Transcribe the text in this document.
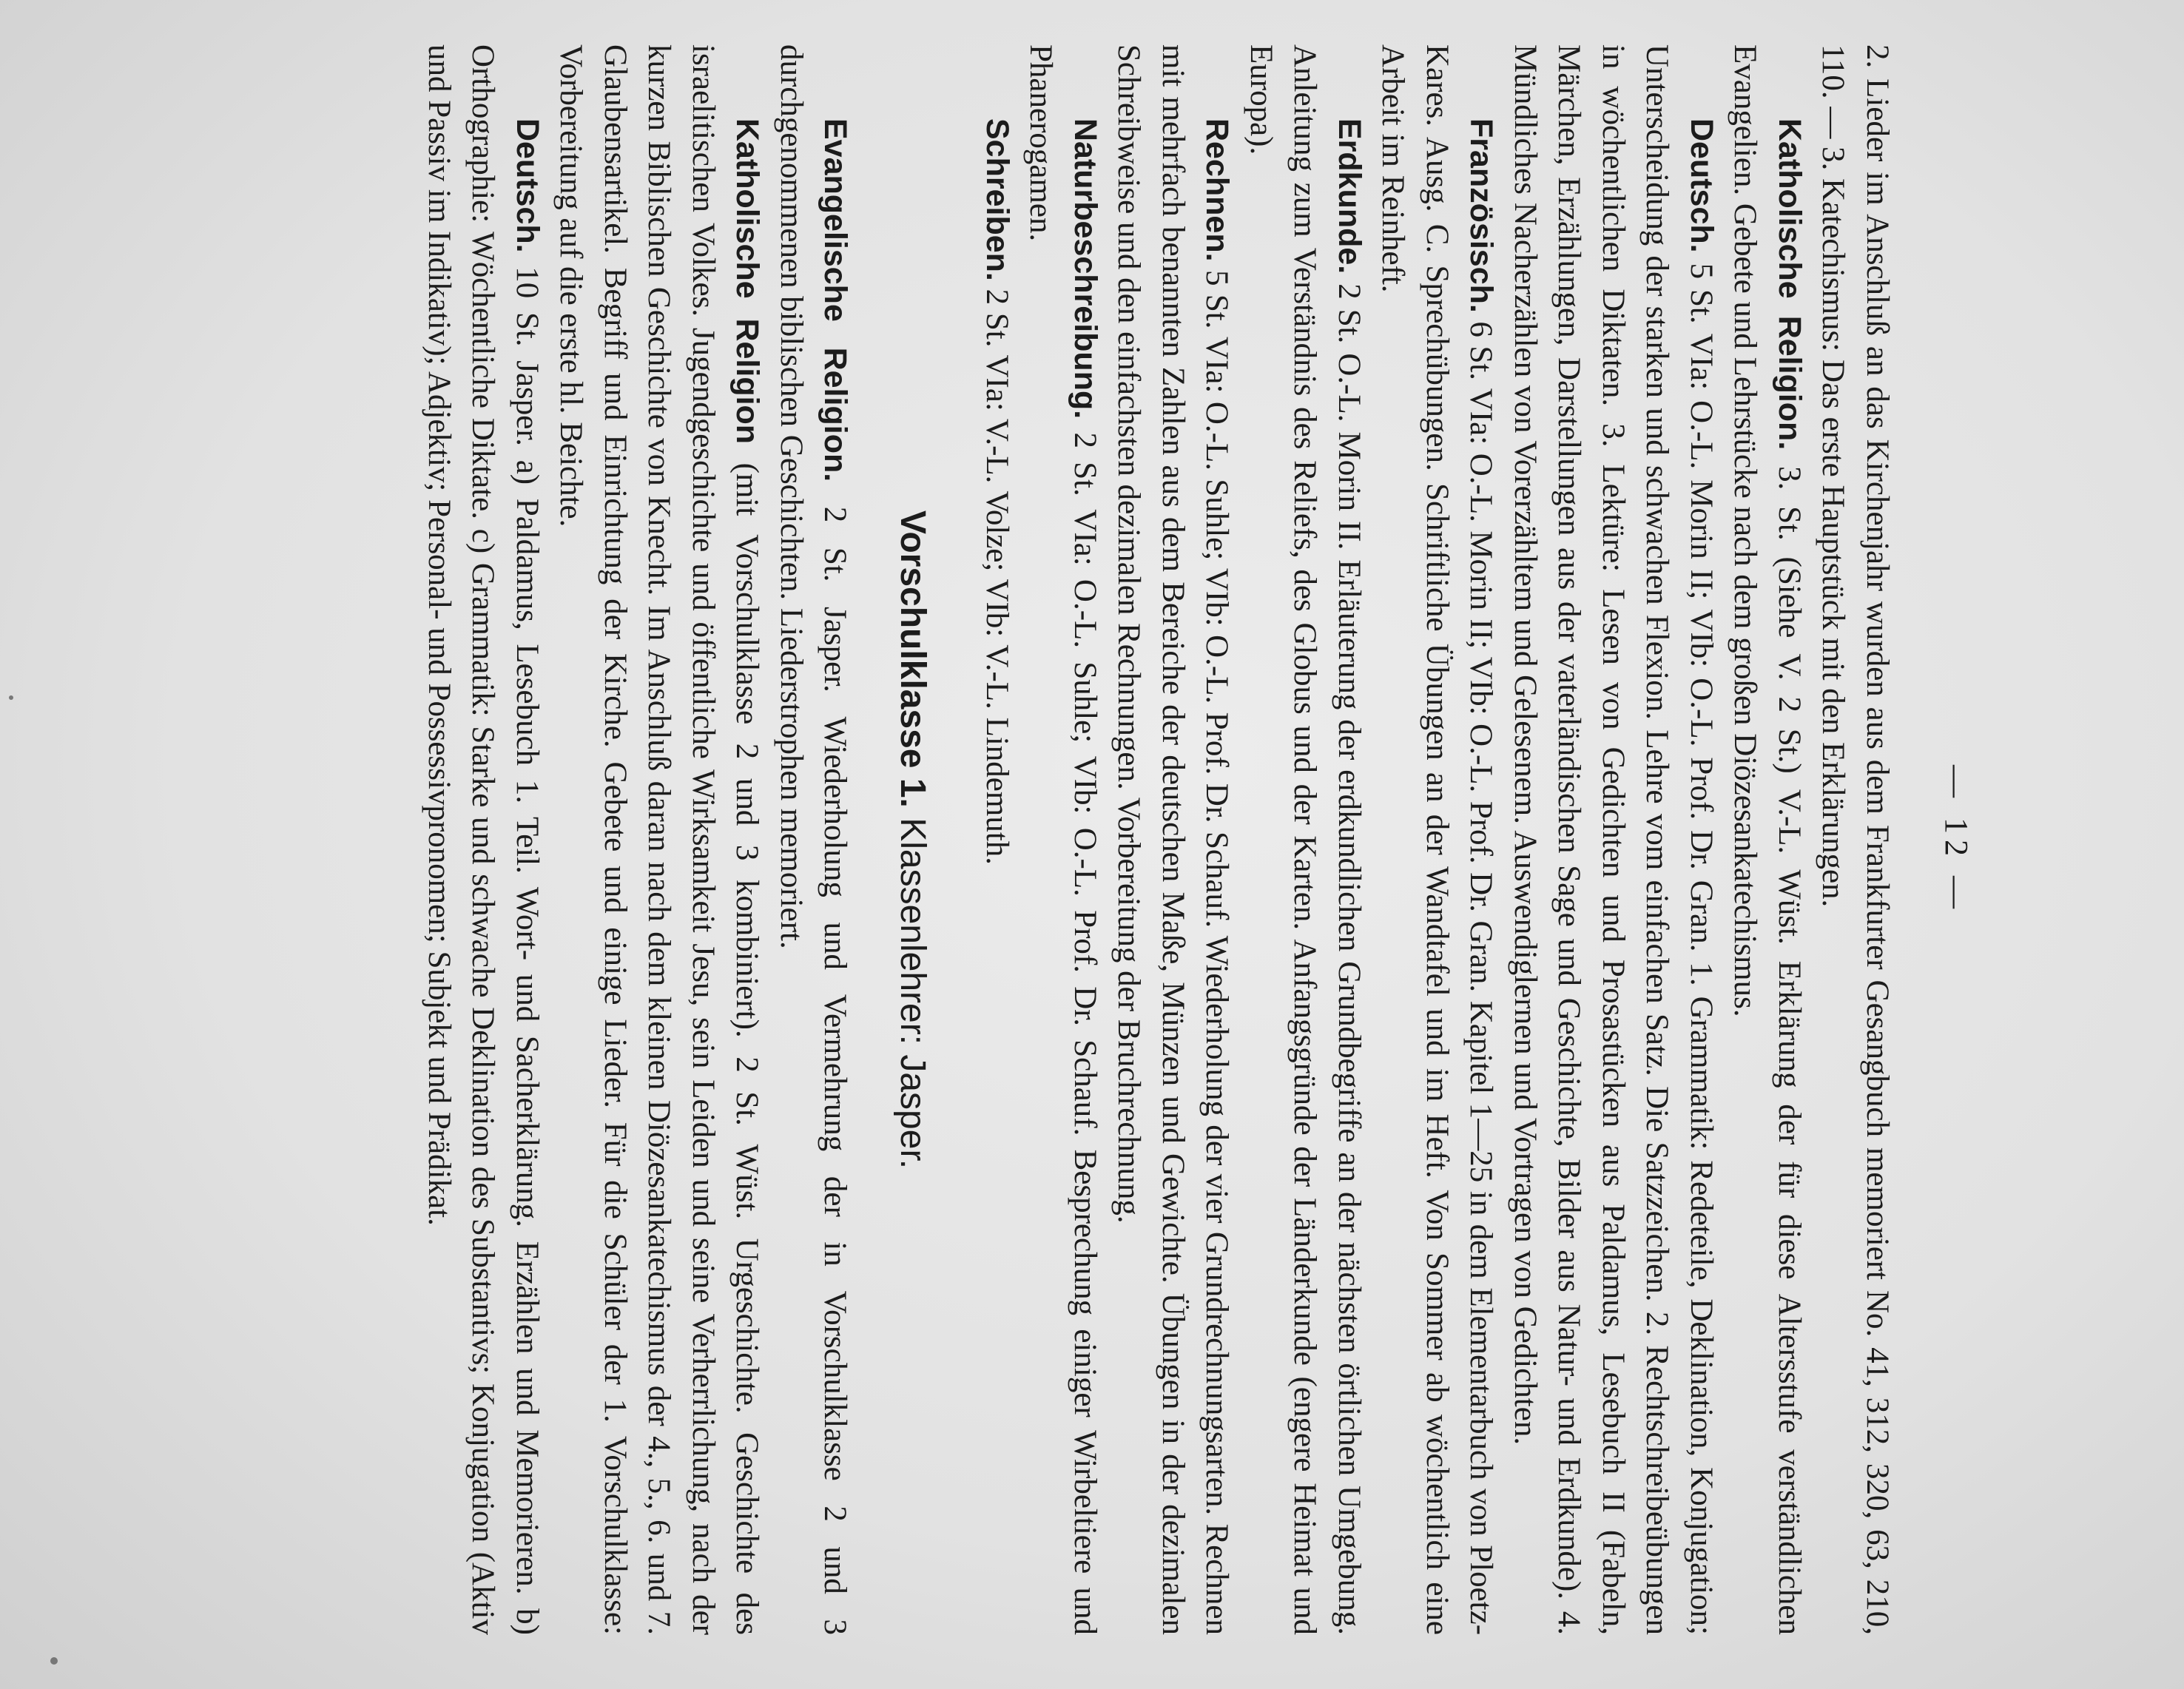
— 12 —

2. Lieder im Anschluß an das Kirchenjahr wurden aus dem Frankfurter Gesangbuch memoriert No. 41, 312, 320, 63, 210, 110. — 3. Katechismus: Das erste Hauptstück mit den Erklärungen.

Katholische Religion. 3. St. (Siehe V. 2 St.) V.-L. Wüst. Erklärung der für diese Altersstufe verständlichen Evangelien. Gebete und Lehrstücke nach dem großen Diözesankatechismus.

Deutsch. 5 St. VIa: O.-L. Morin II; VIb: O.-L. Prof. Dr. Gran. 1. Grammatik: Redeteile, Deklination, Konjugation; Unterscheidung der starken und schwachen Flexion. Lehre vom einfachen Satz. Die Satzzeichen. 2. Rechtschreibeübungen in wöchentlichen Diktaten. 3. Lektüre: Lesen von Gedichten und Prosastücken aus Paldamus, Lesebuch II (Fabeln, Märchen, Erzählungen, Darstellungen aus der vaterländischen Sage und Geschichte, Bilder aus Natur- und Erdkunde). 4. Mündliches Nacherzählen von Vorerzähltem und Gelesenem. Auswendiglernen und Vortragen von Gedichten.

Französisch. 6 St. VIa: O.-L. Morin II; VIb: O.-L. Prof. Dr. Gran. Kapitel 1—25 in dem Elementarbuch von Ploetz-Kares. Ausg. C. Sprechübungen. Schriftliche Übungen an der Wandtafel und im Heft. Von Sommer ab wöchentlich eine Arbeit im Reinheft.

Erdkunde. 2 St. O.-L. Morin II. Erläuterung der erdkundlichen Grundbegriffe an der nächsten örtlichen Umgebung. Anleitung zum Verständnis des Reliefs, des Globus und der Karten. Anfangsgründe der Länderkunde (engere Heimat und Europa).

Rechnen. 5 St. VIa: O.-L. Suhle; VIb: O.-L. Prof. Dr. Schauf. Wiederholung der vier Grundrechnungsarten. Rechnen mit mehrfach benannten Zahlen aus dem Bereiche der deutschen Maße, Münzen und Gewichte. Übungen in der dezimalen Schreibweise und den einfachsten dezimalen Rechnungen. Vorbereitung der Bruchrechnung.

Naturbeschreibung. 2 St. VIa: O.-L. Suhle; VIb: O.-L. Prof. Dr. Schauf. Besprechung einiger Wirbeltiere und Phanerogamen.

Schreiben. 2 St. VIa: V.-L. Volze; VIb: V.-L. Lindemuth.

Vorschulklasse 1. Klassenlehrer: Jasper.

Evangelische Religion. 2 St. Jasper. Wiederholung und Vermehrung der in Vorschulklasse 2 und 3 durchgenommenen biblischen Geschichten. Liederstrophen memoriert.

Katholische Religion (mit Vorschulklasse 2 und 3 kombiniert). 2 St. Wüst. Urgeschichte. Geschichte des israelitischen Volkes. Jugendgeschichte und öffentliche Wirksamkeit Jesu, sein Leiden und seine Verherrlichung, nach der kurzen Biblischen Geschichte von Knecht. Im Anschluß daran nach dem kleinen Diözesankatechismus der 4., 5., 6. und 7. Glaubensartikel. Begriff und Einrichtung der Kirche. Gebete und einige Lieder. Für die Schüler der 1. Vorschulklasse: Vorbereitung auf die erste hl. Beichte.

Deutsch. 10 St. Jasper. a) Paldamus, Lesebuch 1. Teil. Wort- und Sacherklärung. Erzählen und Memorieren. b) Orthographie: Wöchentliche Diktate. c) Grammatik: Starke und schwache Deklination des Substantivs; Konjugation (Aktiv und Passiv im Indikativ); Adjektiv; Personal- und Possessivpronomen; Subjekt und Prädikat.
